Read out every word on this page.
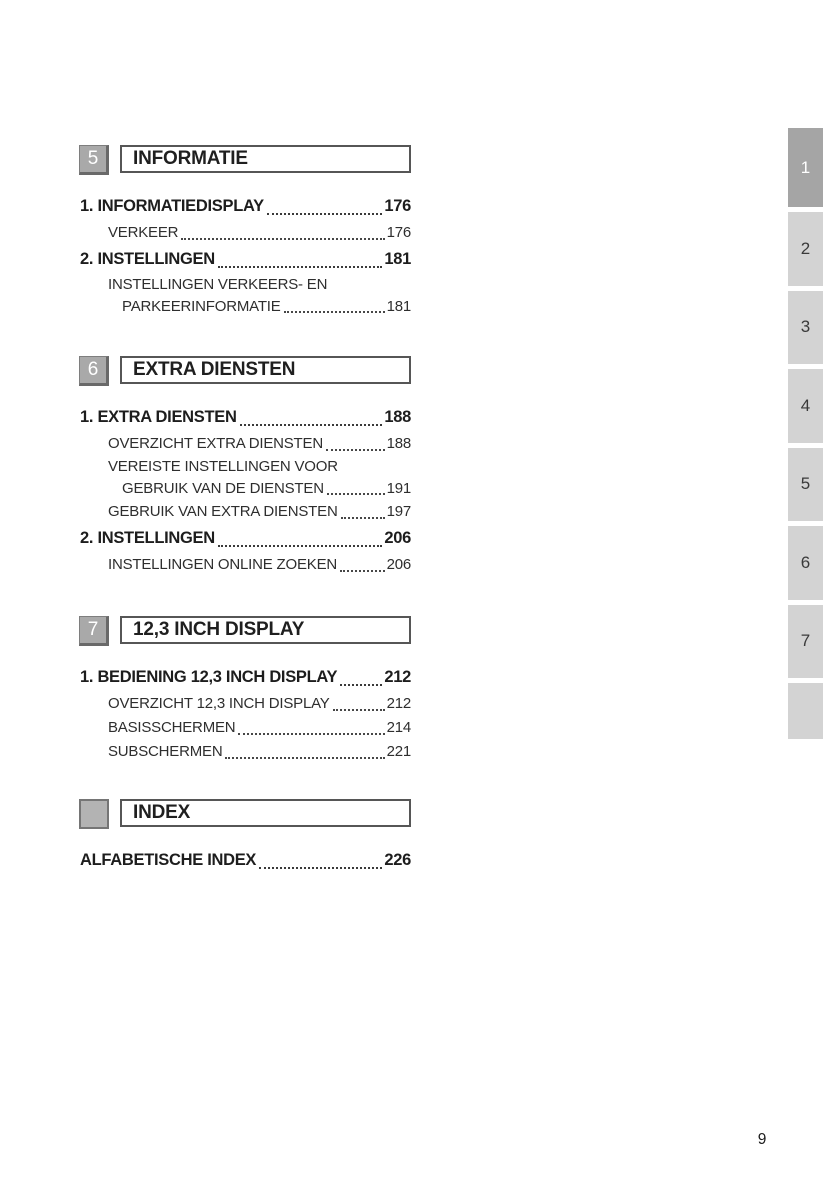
5	INFORMATIE
1. INFORMATIEDISPLAY	176
VERKEER	176
2. INSTELLINGEN	181
INSTELLINGEN VERKEERS- EN
PARKEERINFORMATIE	181
6	EXTRA DIENSTEN
1. EXTRA DIENSTEN	188
OVERZICHT EXTRA DIENSTEN	188
VEREISTE INSTELLINGEN VOOR
GEBRUIK VAN DE DIENSTEN	191
GEBRUIK VAN EXTRA DIENSTEN	197
2. INSTELLINGEN	206
INSTELLINGEN ONLINE ZOEKEN	206
7	12,3 INCH DISPLAY
1. BEDIENING 12,3 INCH DISPLAY	212
OVERZICHT 12,3 INCH DISPLAY	212
BASISSCHERMEN	214
SUBSCHERMEN	221
INDEX
ALFABETISCHE INDEX	226
1
2
3
4
5
6
7
9
